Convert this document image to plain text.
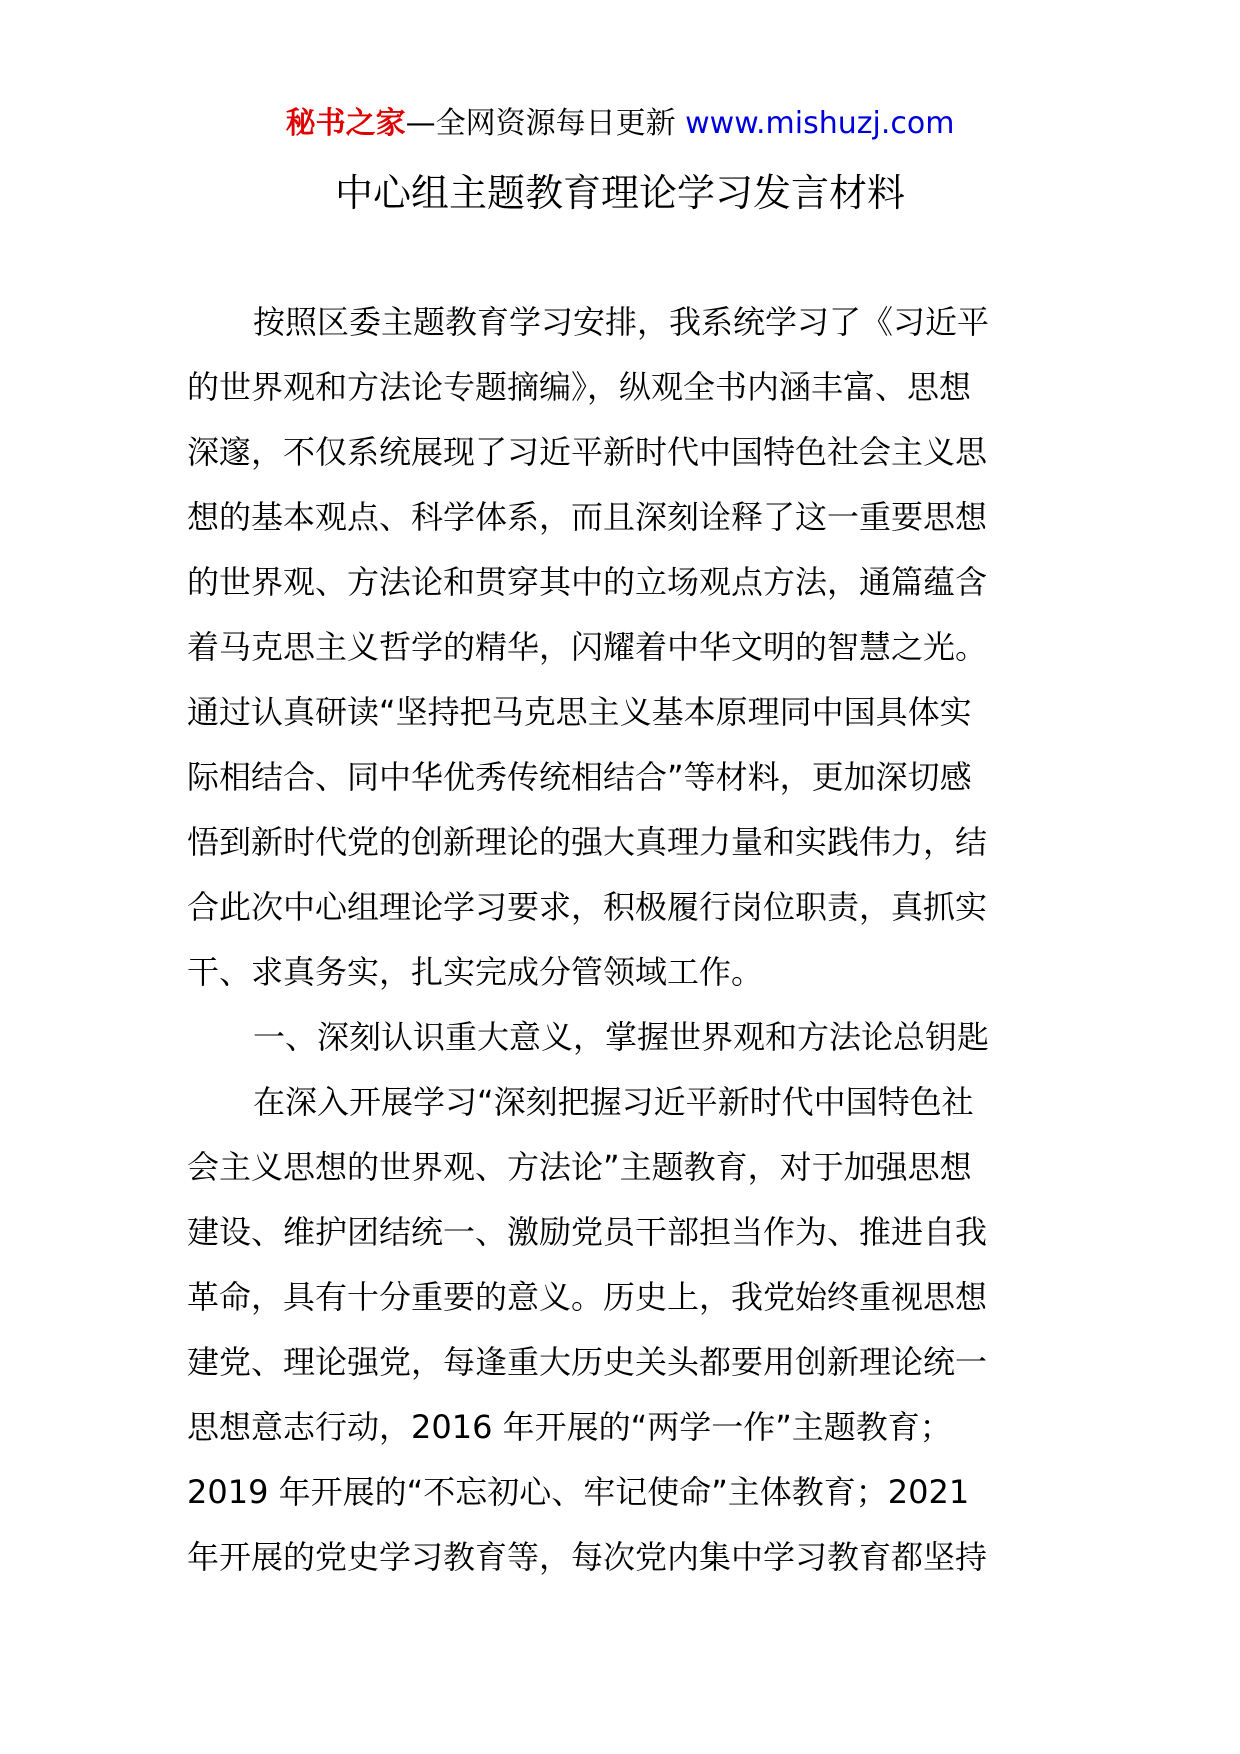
秘书之家—全网资源每日更新 www.mishuzj.com
中心组主题教育理论学习发言材料
按照区委主题教育学习安排，我系统学习了《习近平
的世界观和方法论专题摘编》，纵观全书内涵丰富、思想
深邃，不仅系统展现了习近平新时代中国特色社会主义思
想的基本观点、科学体系，而且深刻诠释了这一重要思想
的世界观、方法论和贯穿其中的立场观点方法，通篇蕴含
着马克思主义哲学的精华，闪耀着中华文明的智慧之光。
通过认真研读“坚持把马克思主义基本原理同中国具体实
际相结合、同中华优秀传统相结合”等材料，更加深切感
悟到新时代党的创新理论的强大真理力量和实践伟力，结
合此次中心组理论学习要求，积极履行岗位职责，真抓实
干、求真务实，扎实完成分管领域工作。
一、深刻认识重大意义，掌握世界观和方法论总钥匙
在深入开展学习“深刻把握习近平新时代中国特色社
会主义思想的世界观、方法论”主题教育，对于加强思想
建设、维护团结统一、激励党员干部担当作为、推进自我
革命，具有十分重要的意义。历史上，我党始终重视思想
建党、理论强党，每逢重大历史关头都要用创新理论统一
思想意志行动，2016 年开展的“两学一作”主题教育；
2019 年开展的“不忘初心、牢记使命”主体教育；2021
年开展的党史学习教育等，每次党内集中学习教育都坚持
